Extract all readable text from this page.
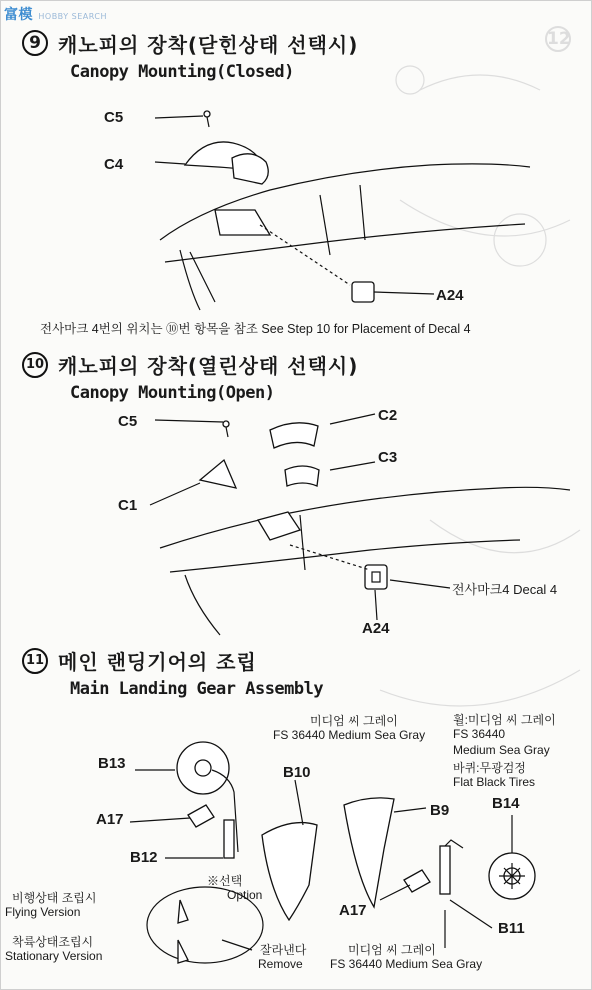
富模 HOBBY SEARCH
12
9 캐노피의 장착(닫힌상태 선택시)
Canopy Mounting(Closed)
C5
C4
A24
전사마크 4번의 위치는 ⑩번 항목을 참조 See Step 10 for Placement of Decal 4
10 캐노피의 장착(열린상태 선택시)
Canopy Mounting(Open)
C5	C2
C3
C1
A24
전사마크4 Decal 4
11 메인 랜딩기어의 조립
Main Landing Gear Assembly
미디엄 씨 그레이
FS 36440 Medium Sea Gray
휠:미디엄 씨 그레이
FS 36440
Medium Sea Gray
바퀴:무광검정
Flat Black Tires
B13
B10
A17
B12
B9	B14
A17
B11
※선택
Option
비행상태 조립시
Flying Version
착륙상태조립시
Stationary Version	잘라낸다
Remove
미디엄 씨 그레이
FS 36440 Medium Sea Gray
